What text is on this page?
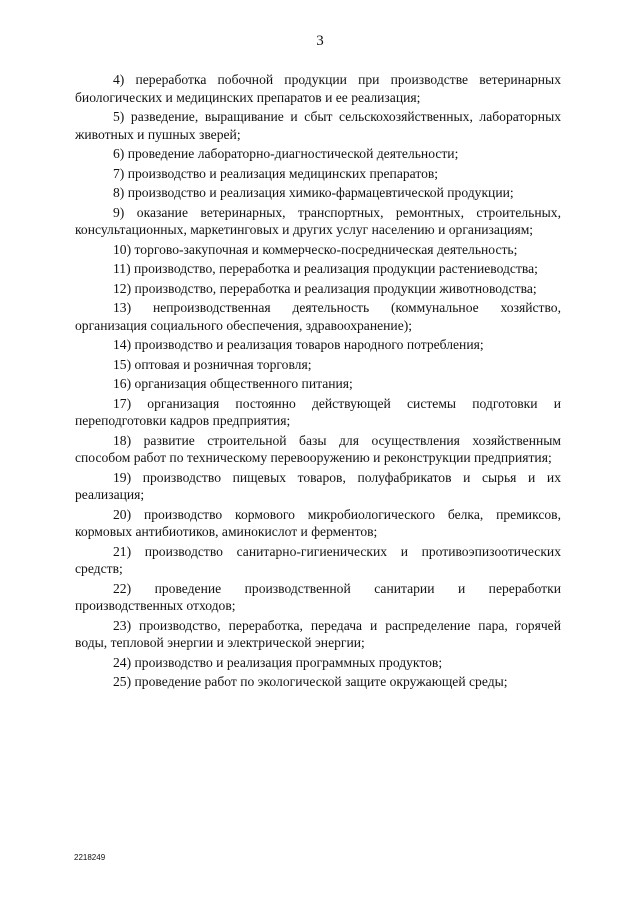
3

4) переработка побочной продукции при производстве ветеринарных биологических и медицинских препаратов и ее реализация;

5) разведение, выращивание и сбыт сельскохозяйственных, лабораторных животных и пушных зверей;

6) проведение лабораторно-диагностической деятельности;

7) производство и реализация медицинских препаратов;

8) производство и реализация химико-фармацевтической продукции;

9) оказание ветеринарных, транспортных, ремонтных, строительных, консультационных, маркетинговых и других услуг населению и организациям;

10) торгово-закупочная и коммерческо-посредническая деятельность;

11) производство, переработка и реализация продукции растениеводства;

12) производство, переработка и реализация продукции животноводства;

13) непроизводственная деятельность (коммунальное хозяйство, организация социального обеспечения, здравоохранение);

14) производство и реализация товаров народного потребления;

15) оптовая и розничная торговля;

16) организация общественного питания;

17) организация постоянно действующей системы подготовки и переподготовки кадров предприятия;

18) развитие строительной базы для осуществления хозяйственным способом работ по техническому перевооружению и реконструкции предприятия;

19) производство пищевых товаров, полуфабрикатов и сырья и их реализация;

20) производство кормового микробиологического белка, премиксов, кормовых антибиотиков, аминокислот и ферментов;

21) производство санитарно-гигиенических и противоэпизоотических средств;

22) проведение производственной санитарии и переработки производственных отходов;

23) производство, переработка, передача и распределение пара, горячей воды, тепловой энергии и электрической энергии;

24) производство и реализация программных продуктов;

25) проведение работ по экологической защите окружающей среды;

2218249
